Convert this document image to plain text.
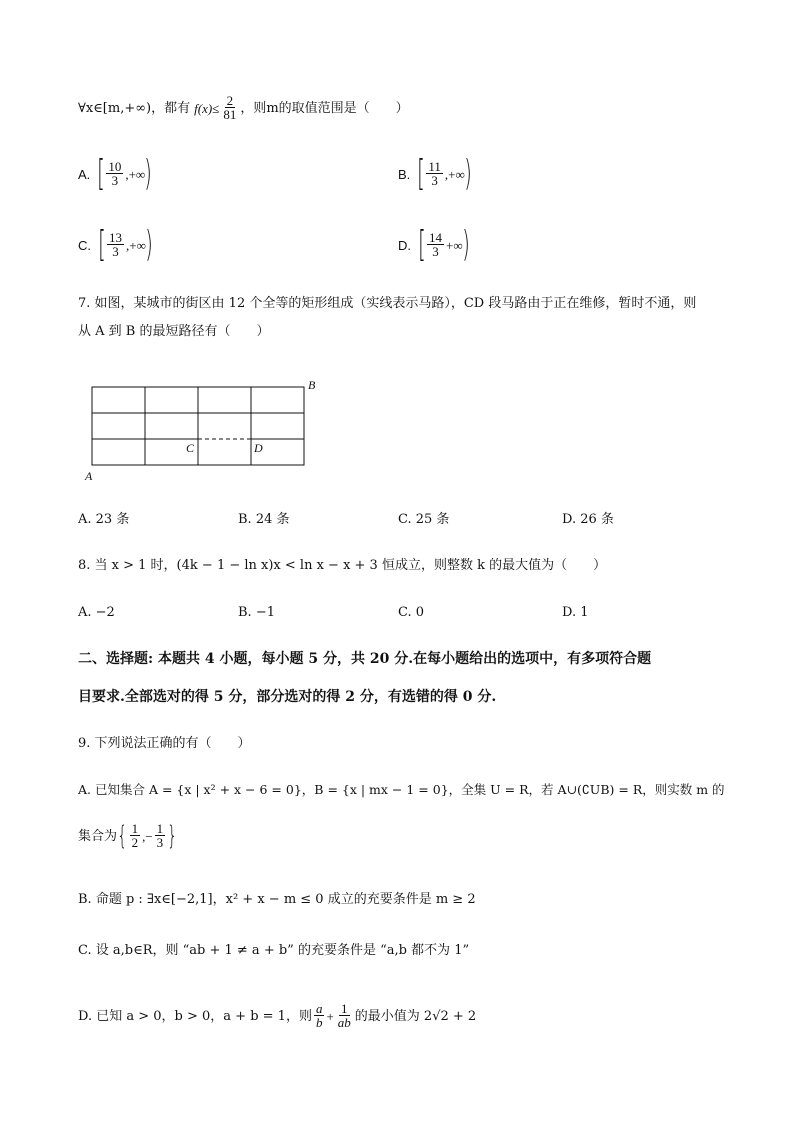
∀x∈[m,+∞)，都有 $f(x)\le \frac{2}{81}$ ，则m的取值范围是（　　）
A. [ $\frac{10}{3}$ ,+∞ )	B. [ $\frac{11}{3}$ ,+∞ )
C. [ $\frac{13}{3}$ ,+∞ )	D. [ $\frac{14}{3}$ +∞ )
7. 如图，某城市的街区由 12 个全等的矩形组成（实线表示马路），CD 段马路由于正在维修，暂时不通，则
从 A 到 B 的最短路径有（　　）
B
C	D
A
A. 23 条	B. 24 条	C. 25 条	D. 26 条
8. 当 x > 1 时，(4k − 1 − ln x)x < ln x − x + 3 恒成立，则整数 k 的最大值为（　　）
A. −2	B. −1	C. 0	D. 1
二、选择题: 本题共 4 小题，每小题 5 分，共 20 分.在每小题给出的选项中，有多项符合题
目要求.全部选对的得 5 分，部分选对的得 2 分，有选错的得 0 分.
9. 下列说法正确的有（　　）
A. 已知集合 A = {x | x² + x − 6 = 0}，B = {x | mx − 1 = 0}，全集 U = R，若 A∪(∁UB) = R，则实数 m 的
集合为 { $\frac{1}{2}$ ,− $\frac{1}{3}$ }
B. 命题 p : ∃x∈[−2,1]，x² + x − m ≤ 0 成立的充要条件是 m ≥ 2
C. 设 a,b∈R，则 “ab + 1 ≠ a + b” 的充要条件是 “a,b 都不为 1”
D. 已知 a > 0，b > 0，a + b = 1，则 $\frac{a}{b} + \frac{1}{ab}$ 的最小值为 2√2 + 2
